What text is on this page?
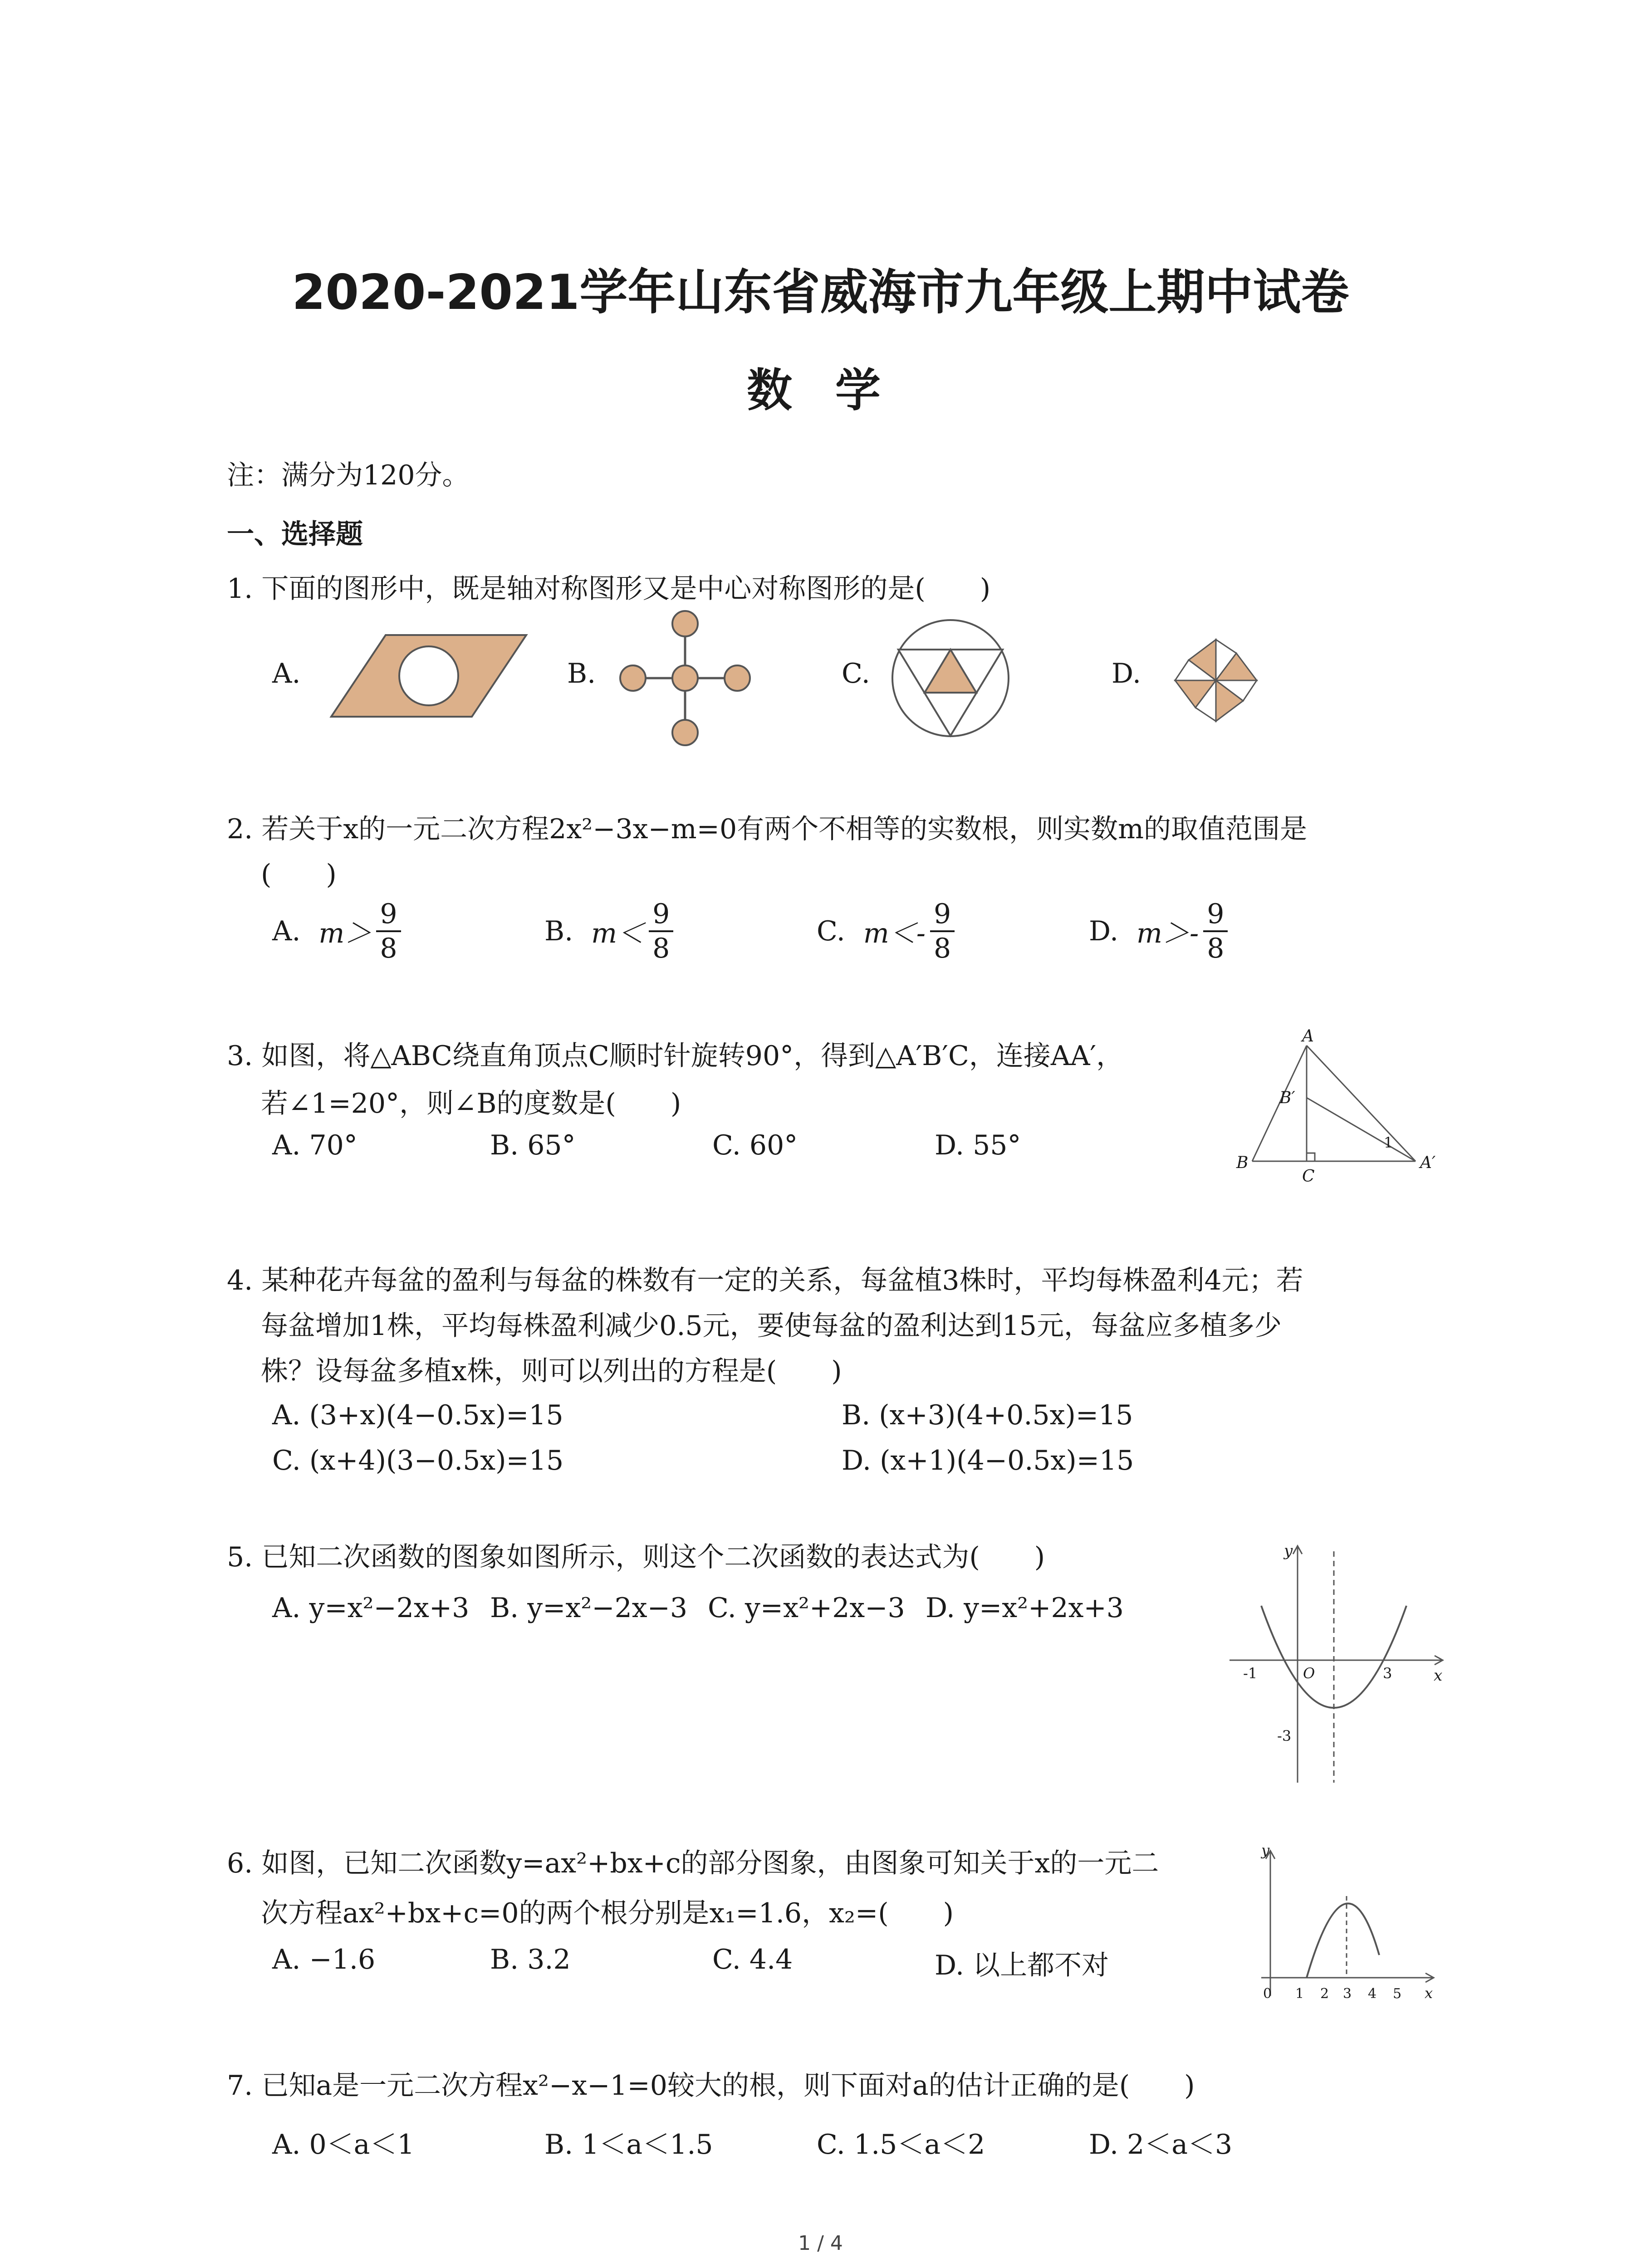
2020-2021学年山东省威海市九年级上期中试卷
数 学
注：满分为120分。
一、选择题
1. 下面的图形中，既是轴对称图形又是中心对称图形的是(　　)
A.	B.	C.	D.
2. 若关于x的一元二次方程2x²−3x−m=0有两个不相等的实数根，则实数m的取值范围是
(　　)
A. $m> \frac{9}{8}$	B. $m< \frac{9}{8}$	C. $m<- \frac{9}{8}$	D. $m>- \frac{9}{8}$
3. 如图，将△ABC绕直角顶点C顺时针旋转90°，得到△A′B′C，连接AA′，
若∠1=20°，则∠B的度数是(　　)
A. 70°	B. 65°	C. 60°	D. 55°
A
B′
B
C
A′
1
4. 某种花卉每盆的盈利与每盆的株数有一定的关系，每盆植3株时，平均每株盈利4元；若
每盆增加1株，平均每株盈利减少0.5元，要使每盆的盈利达到15元，每盆应多植多少
株？设每盆多植x株，则可以列出的方程是(　　)
A. (3+x)(4−0.5x)=15	B. (x+3)(4+0.5x)=15
C. (x+4)(3−0.5x)=15	D. (x+1)(4−0.5x)=15
5. 已知二次函数的图象如图所示，则这个二次函数的表达式为(　　)
A. y=x²−2x+3 B. y=x²−2x−3 C. y=x²+2x−3 D. y=x²+2x+3
y
x
O
-1	3
-3
6. 如图，已知二次函数y=ax²+bx+c的部分图象，由图象可知关于x的一元二
次方程ax²+bx+c=0的两个根分别是x₁=1.6，x₂=(　　)
A. −1.6	B. 3.2	C. 4.4	D. 以上都不对
y
x
0 1 2 3 4 5
7. 已知a是一元二次方程x²−x−1=0较大的根，则下面对a的估计正确的是(　　)
A. 0＜a＜1	B. 1＜a＜1.5	C. 1.5＜a＜2	D. 2＜a＜3
1 / 4
